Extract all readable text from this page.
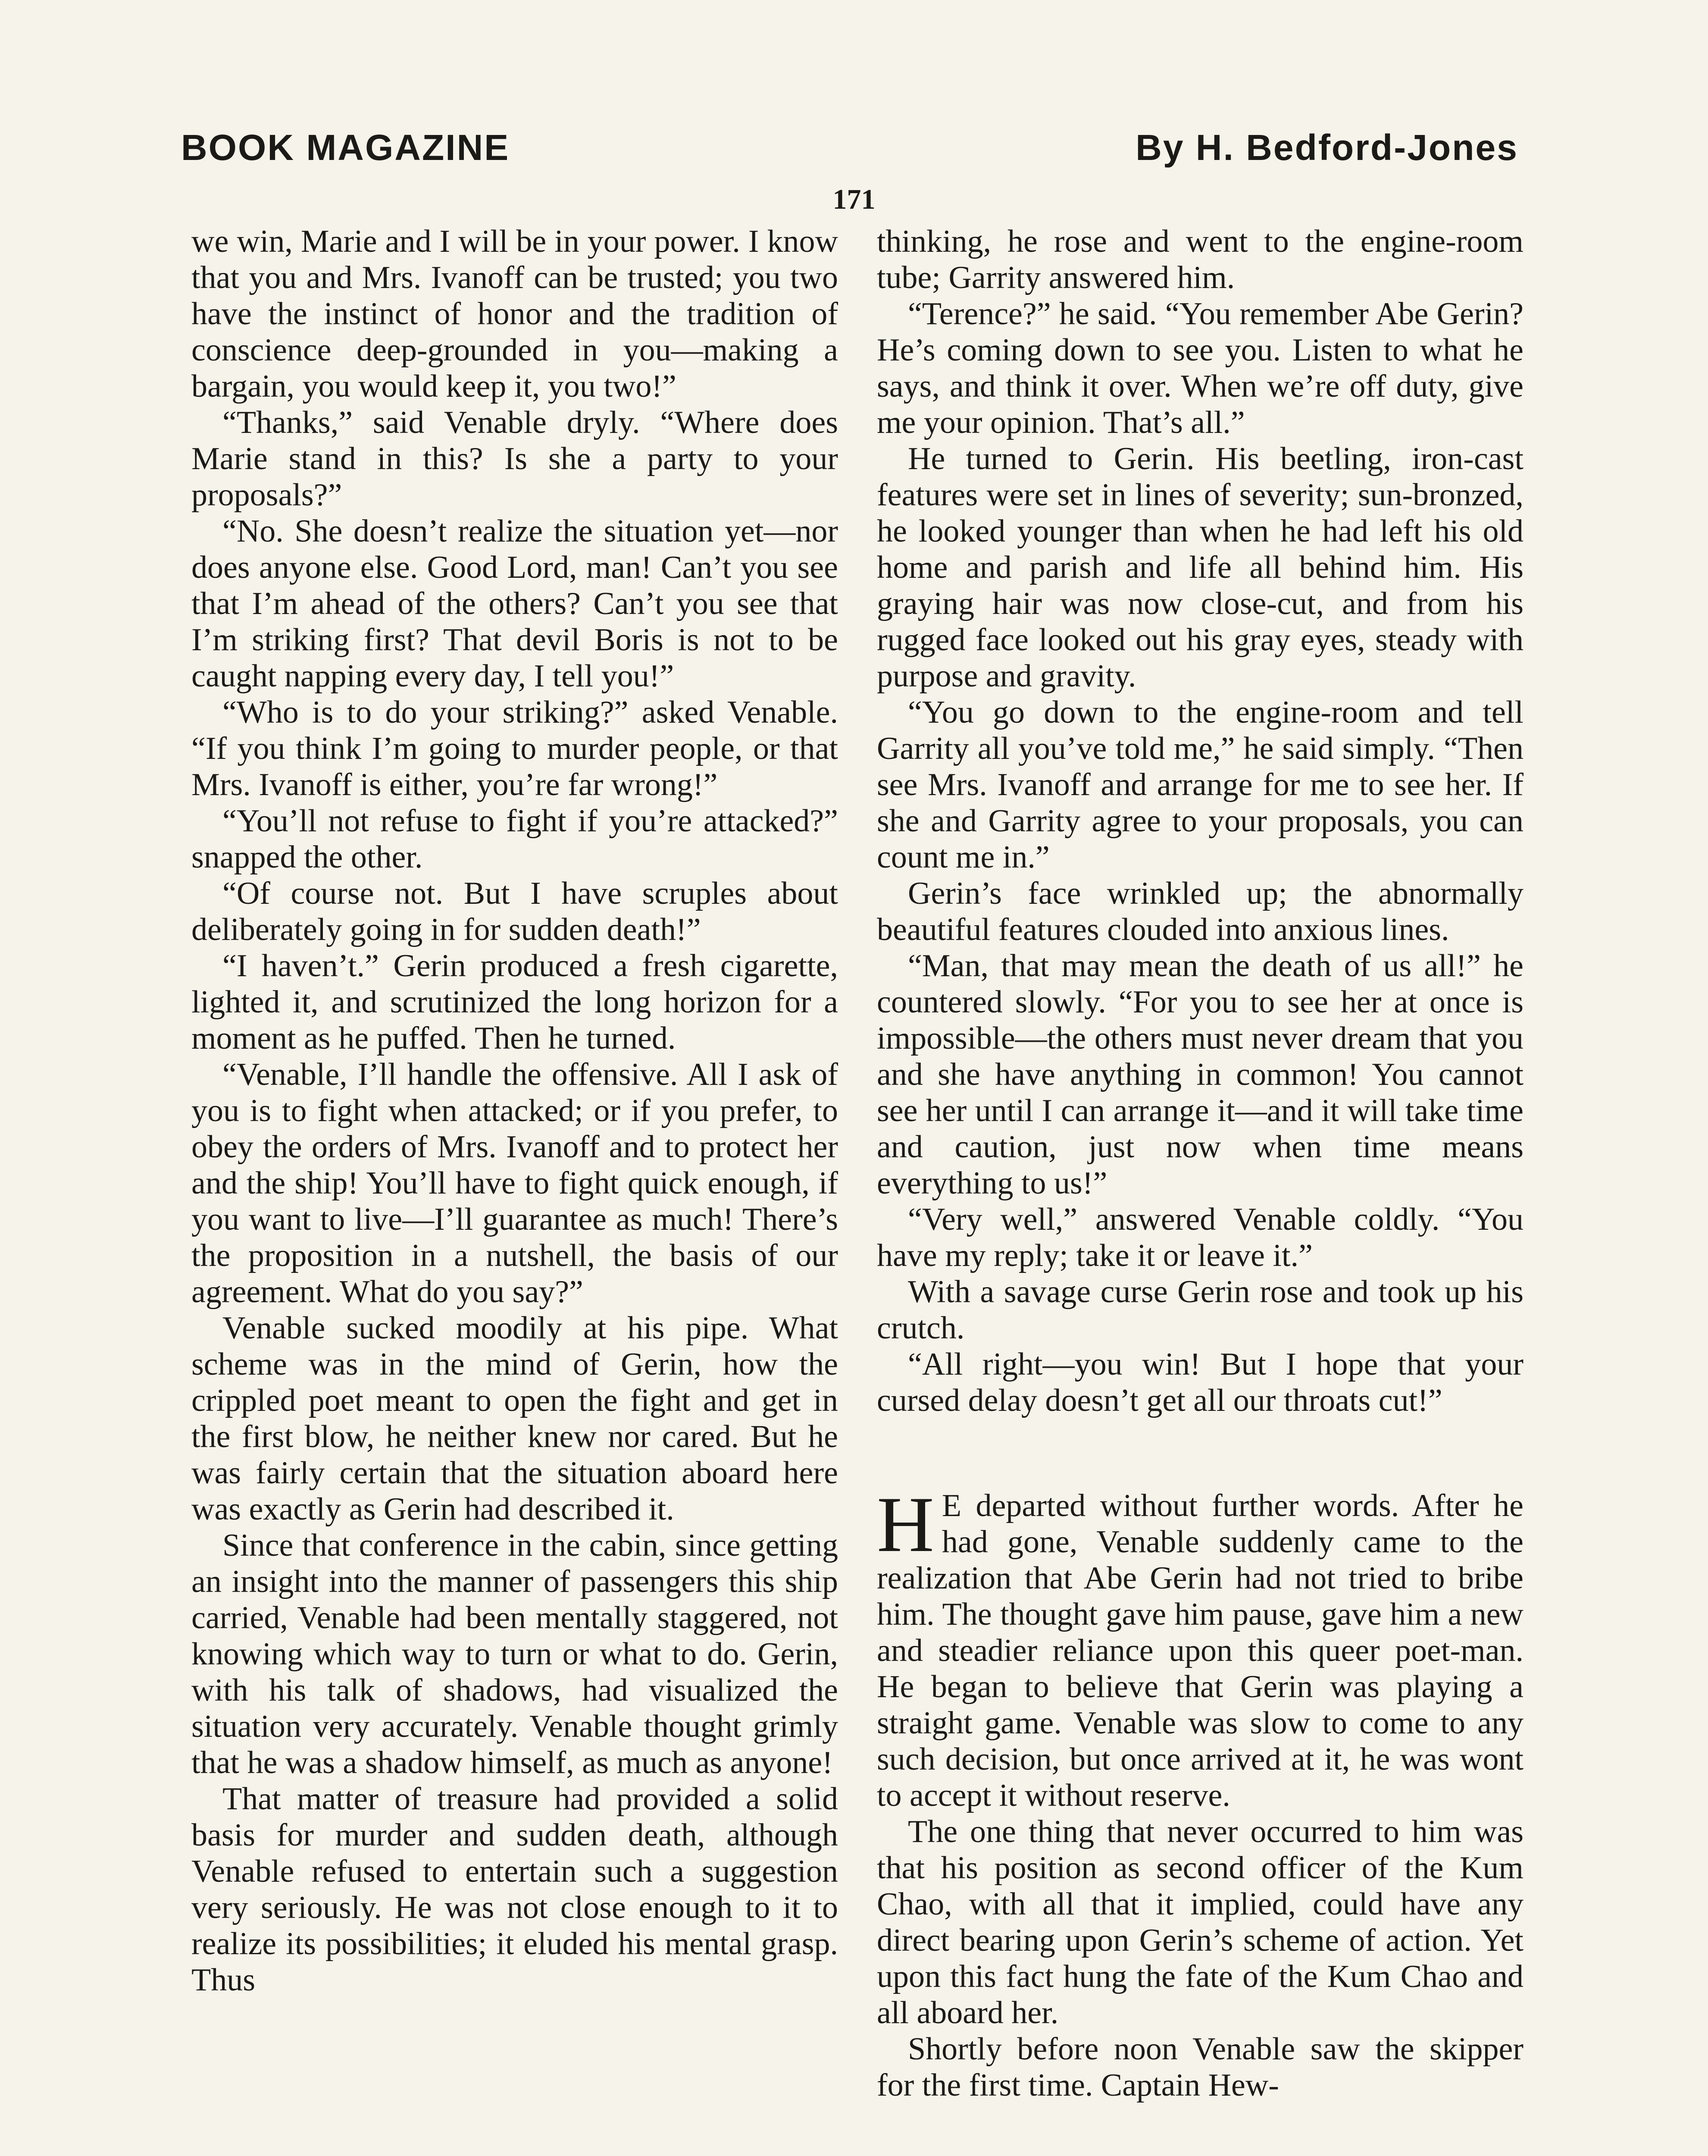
BOOK MAGAZINE	By H. Bedford-Jones
171

we win, Marie and I will be in your power. I know that you and Mrs. Ivanoff can be trusted; you two have the instinct of honor and the tradition of conscience deep-grounded in you—making a bargain, you would keep it, you two!”

“Thanks,” said Venable dryly. “Where does Marie stand in this? Is she a party to your proposals?”

“No. She doesn’t realize the situation yet—nor does anyone else. Good Lord, man! Can’t you see that I’m ahead of the others? Can’t you see that I’m striking first? That devil Boris is not to be caught napping every day, I tell you!”

“Who is to do your striking?” asked Venable. “If you think I’m going to murder people, or that Mrs. Ivanoff is either, you’re far wrong!”

“You’ll not refuse to fight if you’re attacked?” snapped the other.

“Of course not. But I have scruples about deliberately going in for sudden death!”

“I haven’t.” Gerin produced a fresh cigarette, lighted it, and scrutinized the long horizon for a moment as he puffed. Then he turned.

“Venable, I’ll handle the offensive. All I ask of you is to fight when attacked; or if you prefer, to obey the orders of Mrs. Ivanoff and to protect her and the ship! You’ll have to fight quick enough, if you want to live—I’ll guarantee as much! There’s the proposition in a nutshell, the basis of our agreement. What do you say?”

Venable sucked moodily at his pipe. What scheme was in the mind of Gerin, how the crippled poet meant to open the fight and get in the first blow, he neither knew nor cared. But he was fairly certain that the situation aboard here was exactly as Gerin had described it.

Since that conference in the cabin, since getting an insight into the manner of passengers this ship carried, Venable had been mentally staggered, not knowing which way to turn or what to do. Gerin, with his talk of shadows, had visualized the situation very accurately. Venable thought grimly that he was a shadow himself, as much as anyone!

That matter of treasure had provided a solid basis for murder and sudden death, although Venable refused to entertain such a suggestion very seriously. He was not close enough to it to realize its possibilities; it eluded his mental grasp. Thus

thinking, he rose and went to the engine-room tube; Garrity answered him.

“Terence?” he said. “You remember Abe Gerin? He’s coming down to see you. Listen to what he says, and think it over. When we’re off duty, give me your opinion. That’s all.”

He turned to Gerin. His beetling, iron-cast features were set in lines of severity; sun-bronzed, he looked younger than when he had left his old home and parish and life all behind him. His graying hair was now close-cut, and from his rugged face looked out his gray eyes, steady with purpose and gravity.

“You go down to the engine-room and tell Garrity all you’ve told me,” he said simply. “Then see Mrs. Ivanoff and arrange for me to see her. If she and Garrity agree to your proposals, you can count me in.”

Gerin’s face wrinkled up; the abnormally beautiful features clouded into anxious lines.

“Man, that may mean the death of us all!” he countered slowly. “For you to see her at once is impossible—the others must never dream that you and she have anything in common! You cannot see her until I can arrange it—and it will take time and caution, just now when time means everything to us!”

“Very well,” answered Venable coldly. “You have my reply; take it or leave it.”

With a savage curse Gerin rose and took up his crutch.

“All right—you win! But I hope that your cursed delay doesn’t get all our throats cut!”

H E departed without further words. After he had gone, Venable suddenly came to the realization that Abe Gerin had not tried to bribe him. The thought gave him pause, gave him a new and steadier reliance upon this queer poet-man. He began to believe that Gerin was playing a straight game. Venable was slow to come to any such decision, but once arrived at it, he was wont to accept it without reserve.

The one thing that never occurred to him was that his position as second officer of the Kum Chao, with all that it implied, could have any direct bearing upon Gerin’s scheme of action. Yet upon this fact hung the fate of the Kum Chao and all aboard her.

Shortly before noon Venable saw the skipper for the first time. Captain Hew-
